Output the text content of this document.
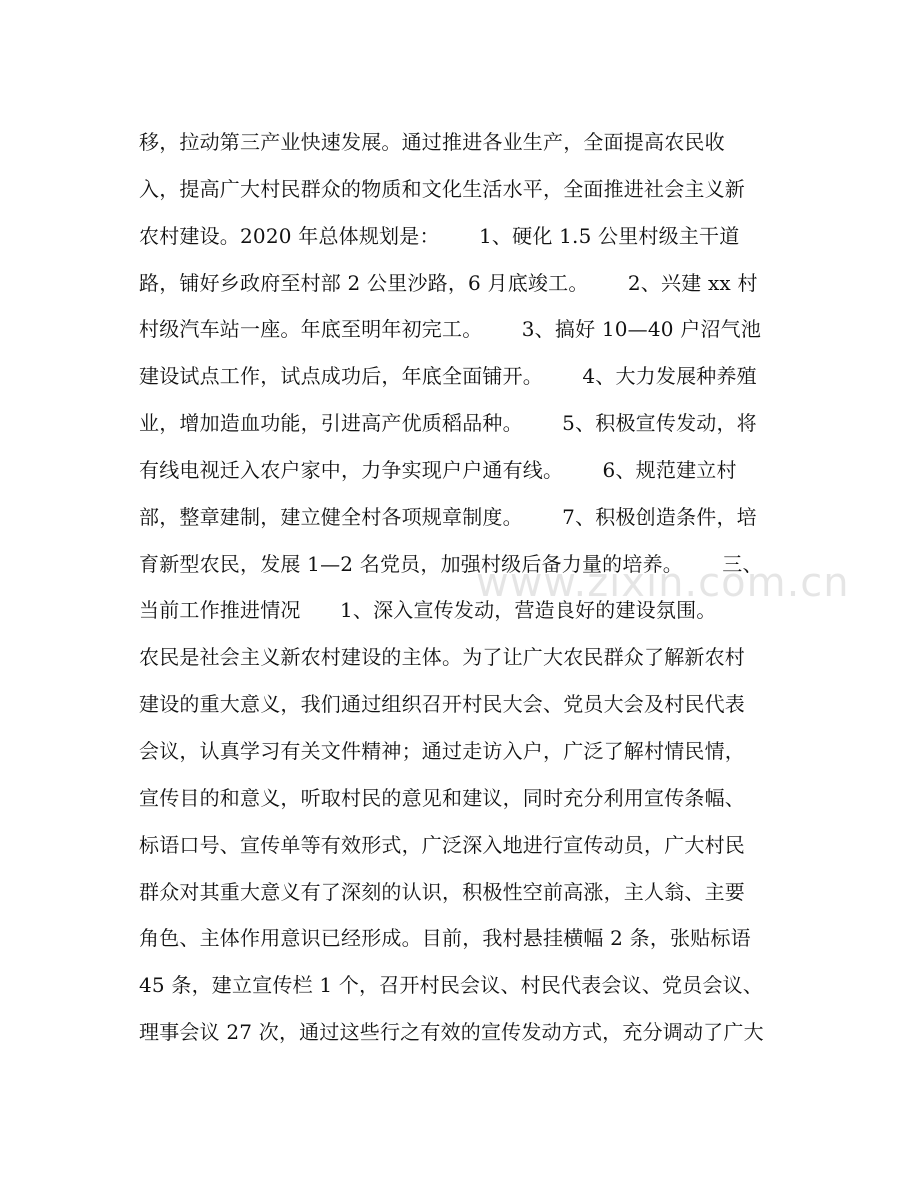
移，拉动第三产业快速发展。通过推进各业生产，全面提高农民收
入，提高广大村民群众的物质和文化生活水平，全面推进社会主义新
农村建设。2020 年总体规划是：      1、硬化 1.5 公里村级主干道
路，铺好乡政府至村部 2 公里沙路，6 月底竣工。      2、兴建 xx 村
村级汽车站一座。年底至明年初完工。      3、搞好 10—40 户沼气池
建设试点工作，试点成功后，年底全面铺开。      4、大力发展种养殖
业，增加造血功能，引进高产优质稻品种。      5、积极宣传发动，将
有线电视迁入农户家中，力争实现户户通有线。      6、规范建立村
部，整章建制，建立健全村各项规章制度。      7、积极创造条件，培
育新型农民，发展 1—2 名党员，加强村级后备力量的培养。      三、
当前工作推进情况      1、深入宣传发动，营造良好的建设氛围。
农民是社会主义新农村建设的主体。为了让广大农民群众了解新农村
建设的重大意义，我们通过组织召开村民大会、党员大会及村民代表
会议，认真学习有关文件精神；通过走访入户，广泛了解村情民情，
宣传目的和意义，听取村民的意见和建议，同时充分利用宣传条幅、
标语口号、宣传单等有效形式，广泛深入地进行宣传动员，广大村民
群众对其重大意义有了深刻的认识，积极性空前高涨，主人翁、主要
角色、主体作用意识已经形成。目前，我村悬挂横幅 2 条，张贴标语
45 条，建立宣传栏 1 个，召开村民会议、村民代表会议、党员会议、
理事会议 27 次，通过这些行之有效的宣传发动方式，充分调动了广大
www.zixin.com.cn
